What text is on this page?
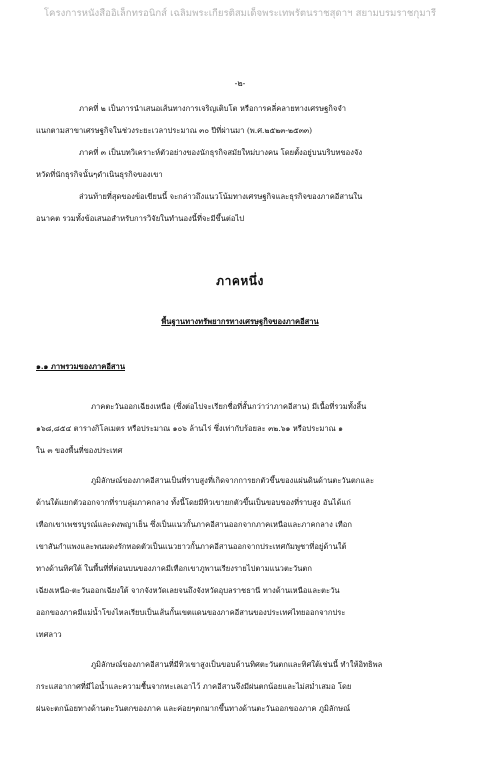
โครงการหนังสืออิเล็กทรอนิกส์ เฉลิมพระเกียรติสมเด็จพระเทพรัตนราชสุดาฯ สยามบรมราชกุมารี
-๒-
ภาคที่ ๒ เป็นการนำเสนอเส้นทางการเจริญเติบโต หรือการคลี่คลายทางเศรษฐกิจจำ
แนกตามสาขาเศรษฐกิจในช่วงระยะเวลาประมาณ ๓๐ ปีที่ผ่านมา (พ.ศ.๒๕๒๓-๒๕๓๓)
ภาคที่ ๓ เป็นบทวิเคราะห์ตัวอย่างของนักธุรกิจสมัยใหม่บางคน โดยตั้งอยู่บนบริบทของจัง
หวัดที่นักธุรกิจนั้นๆดำเนินธุรกิจของเขา
ส่วนท้ายที่สุดของข้อเขียนนี้ จะกล่าวถึงแนวโน้มทางเศรษฐกิจและธุรกิจของภาคอีสานใน
อนาคต รวมทั้งข้อเสนอสำหรับการวิจัยในทำนองนี้ที่จะมีขึ้นต่อไป
ภาคหนึ่ง
พื้นฐานทางทรัพยากรทางเศรษฐกิจของภาคอีสาน
๑.๑ ภาพรวมของภาคอีสาน
ภาคตะวันออกเฉียงเหนือ (ซึ่งต่อไปจะเรียกชื่อที่สั้นกว่าว่าภาคอีสาน) มีเนื้อที่รวมทั้งสิ้น
๑๖๘,๘๕๔ ตารางกิโลเมตร หรือประมาณ ๑๐๖ ล้านไร่ ซึ่งเท่ากับร้อยละ ๓๒.๖๑ หรือประมาณ ๑
ใน ๓ ของพื้นที่ของประเทศ
ภูมิลักษณ์ของภาคอีสานเป็นที่ราบสูงที่เกิดจากการยกตัวขึ้นของแผ่นดินด้านตะวันตกและ
ด้านใต้แยกตัวออกจากที่ราบลุ่มภาคกลาง ทั้งนี้โดยมีทิวเขายกตัวขึ้นเป็นขอบของที่ราบสูง อันได้แก่
เทือกเขาเพชรบูรณ์และดงพญาเย็น ซึ่งเป็นแนวกั้นภาคอีสานออกจากภาคเหนือและภาคกลาง เทือก
เขาสันกำแพงและพนมดงรักทอดตัวเป็นแนวยาวกั้นภาคอีสานออกจากประเทศกัมพูชาที่อยู่ด้านใต้
ทางด้านทิศใต้ ในพื้นที่ที่ต่อนบนของภาคมีเทือกเขาภูพานเรียงรายไปตามแนวตะวันตก
เฉียงเหนือ-ตะวันออกเฉียงใต้ จากจังหวัดเลยจนถึงจังหวัดอุบลราชธานี ทางด้านเหนือและตะวัน
ออกของภาคมีแม่น้ำโขงไหลเรียบเป็นเส้นกั้นเขตแดนของภาคอีสานของประเทศไทยออกจากประ
เทศลาว
ภูมิลักษณ์ของภาคอีสานที่มีทิวเขาสูงเป็นขอบด้านทิศตะวันตกและทิศใต้เช่นนี้ ทำให้อิทธิพล
กระแสอากาศที่มีไอน้ำและความชื้นจากทะเลเอาไว้ ภาคอีสานจึงมีฝนตกน้อยและไม่สม่ำเสมอ โดย
ฝนจะตกน้อยทางด้านตะวันตกของภาค และค่อยๆตกมากขึ้นทางด้านตะวันออกของภาค ภูมิลักษณ์
